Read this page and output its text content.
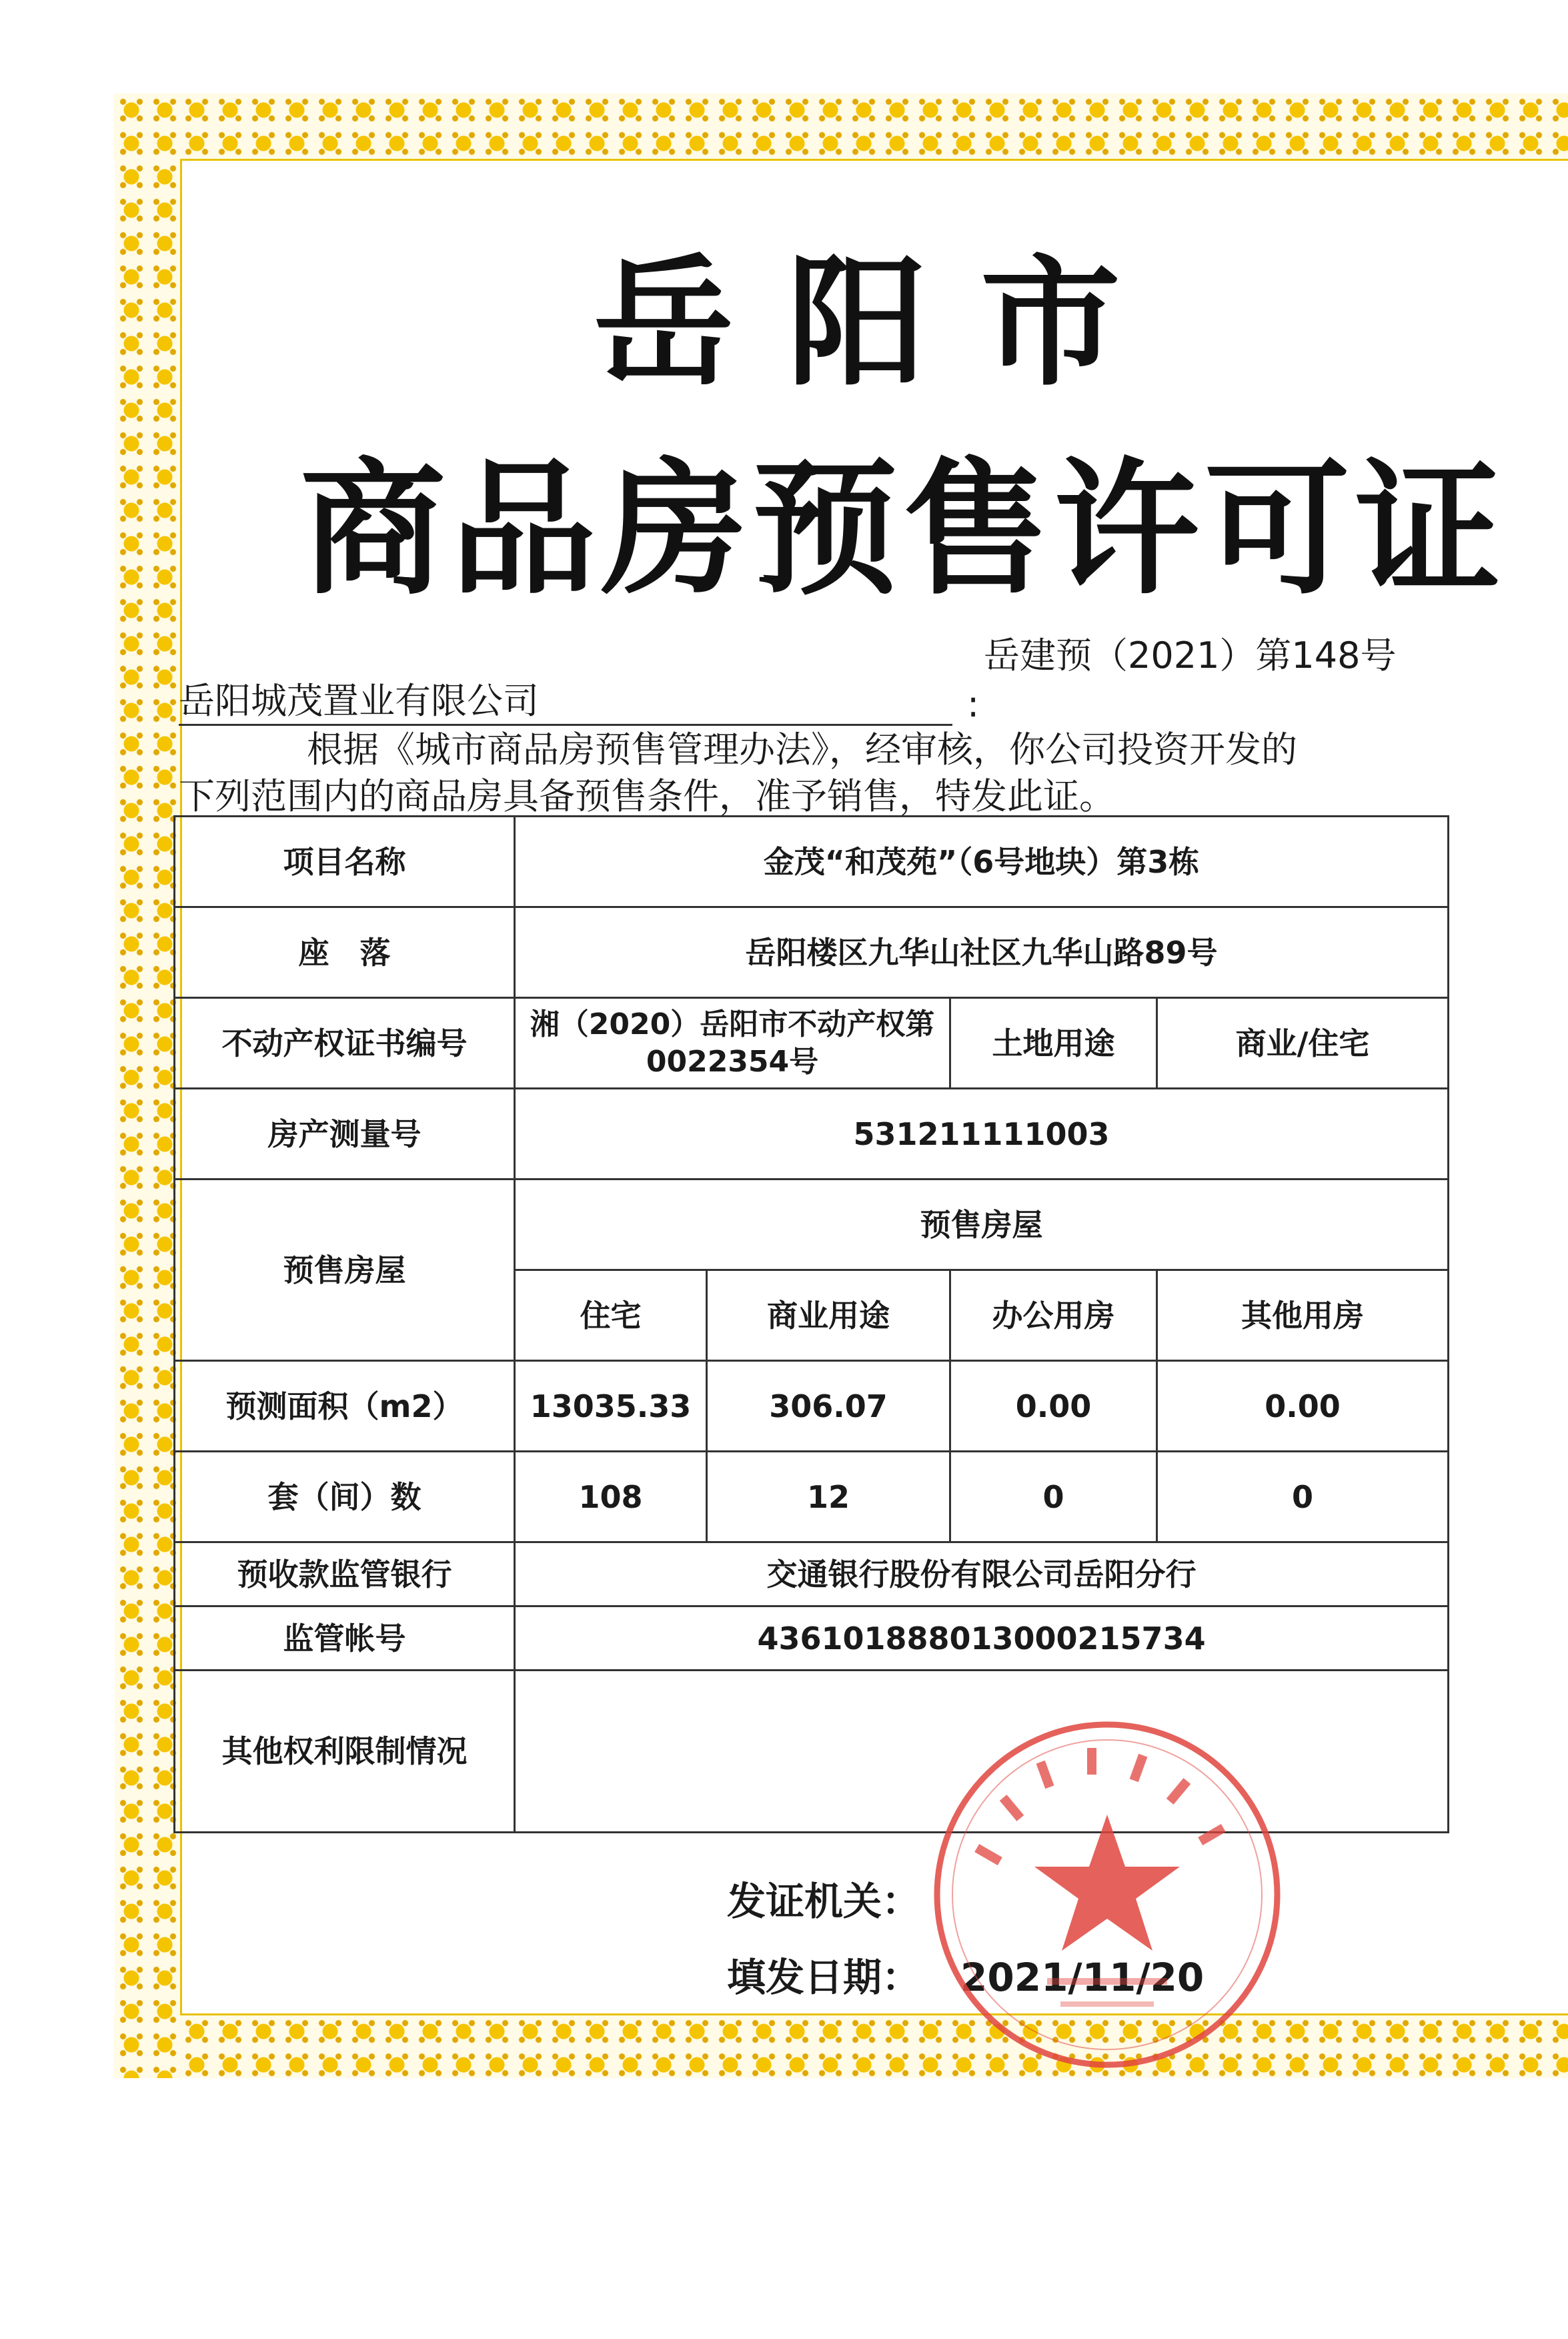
岳阳市
商品房预售许可证
岳建预（2021）第148号
岳阳城茂置业有限公司	:
根据《城市商品房预售管理办法》，经审核，你公司投资开发的
下列范围内的商品房具备预售条件，准予销售，特发此证。
项目名称	金茂“和茂苑”（6号地块）第3栋			
座　落	岳阳楼区九华山社区九华山路89号			
不动产权证书编号	湘（2020）岳阳市不动产权第0022354号		土地用途	商业/住宅
房产测量号	531211111003			
预售房屋	预售房屋			
	住宅	商业用途	办公用房	其他用房
预测面积（m2）	13035.33	306.07	0.00	0.00
套（间）数	108	12	0	0
预收款监管银行	交通银行股份有限公司岳阳分行			
监管帐号	436101888013000215734			
其他权利限制情况				
发证机关：
填发日期： 2021/11/20
